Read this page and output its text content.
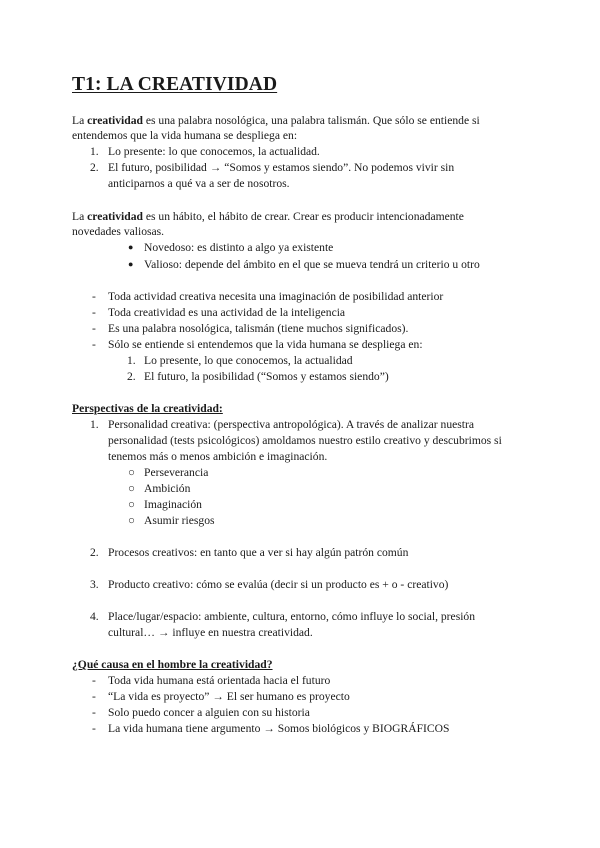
T1: LA CREATIVIDAD
La creatividad es una palabra nosológica, una palabra talismán. Que sólo se entiende si
entendemos que la vida humana se despliega en:
1. Lo presente: lo que conocemos, la actualidad.
2. El futuro, posibilidad → “Somos y estamos siendo”. No podemos vivir sin
anticiparnos a qué va a ser de nosotros.
La creatividad es un hábito, el hábito de crear. Crear es producir intencionadamente
novedades valiosas.
● Novedoso: es distinto a algo ya existente
● Valioso: depende del ámbito en el que se mueva tendrá un criterio u otro
- Toda actividad creativa necesita una imaginación de posibilidad anterior
- Toda creatividad es una actividad de la inteligencia
- Es una palabra nosológica, talismán (tiene muchos significados).
- Sólo se entiende si entendemos que la vida humana se despliega en:
1. Lo presente, lo que conocemos, la actualidad
2. El futuro, la posibilidad (“Somos y estamos siendo”)
Perspectivas de la creatividad:
1. Personalidad creativa: (perspectiva antropológica). A través de analizar nuestra
personalidad (tests psicológicos) amoldamos nuestro estilo creativo y descubrimos si
tenemos más o menos ambición e imaginación.
○ Perseverancia
○ Ambición
○ Imaginación
○ Asumir riesgos
2. Procesos creativos: en tanto que a ver si hay algún patrón común
3. Producto creativo: cómo se evalúa (decir si un producto es + o - creativo)
4. Place/lugar/espacio: ambiente, cultura, entorno, cómo influye lo social, presión
cultural… → influye en nuestra creatividad.
¿Qué causa en el hombre la creatividad?
- Toda vida humana está orientada hacia el futuro
- “La vida es proyecto” → El ser humano es proyecto
- Solo puedo concer a alguien con su historia
- La vida humana tiene argumento → Somos biológicos y BIOGRÁFICOS
